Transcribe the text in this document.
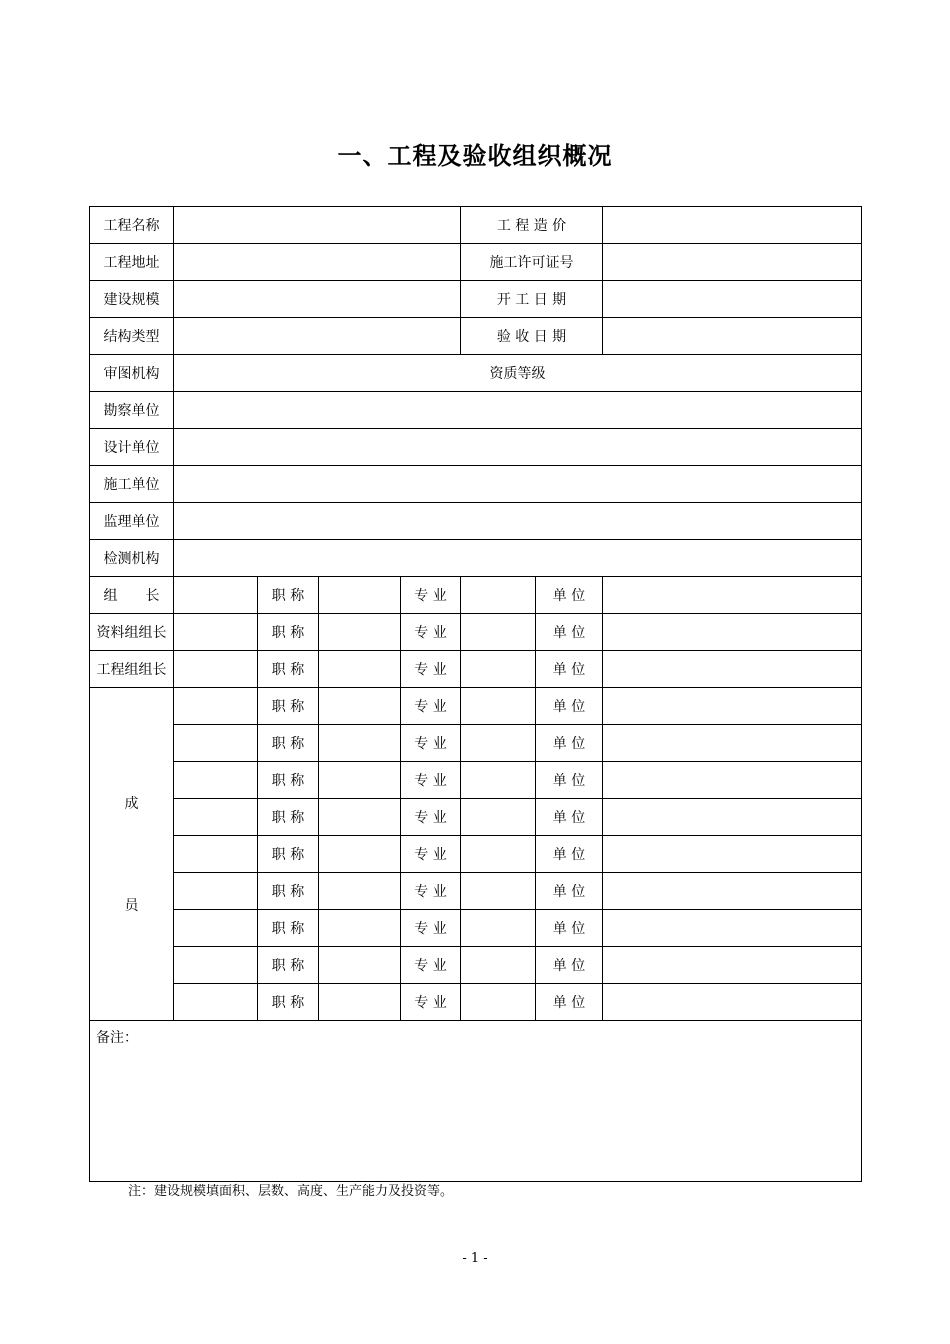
一、工程及验收组织概况
工程名称					工 程 造 价		
工程地址					施工许可证号		
建设规模					开 工 日 期		
结构类型					验 收 日 期		
审图机构	资质等级						
勘察单位							
设计单位							
施工单位							
监理单位							
检测机构							
组　　长		职 称		专 业		单 位	
资料组组长		职 称		专 业		单 位	
工程组组长		职 称		专 业		单 位	

成
员		职 称		专 业		单 位	
		职 称		专 业		单 位	
		职 称		专 业		单 位	
		职 称		专 业		单 位	
		职 称		专 业		单 位	
		职 称		专 业		单 位	
		职 称		专 业		单 位	
		职 称		专 业		单 位	
		职 称		专 业		单 位	
备注：							
注：建设规模填面积、层数、高度、生产能力及投资等。
- 1 -
